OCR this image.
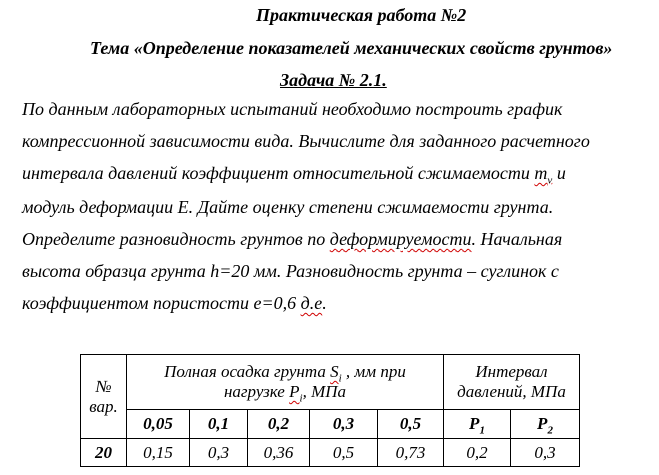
Практическая работа №2
Тема «Определение показателей механических свойств грунтов»
Задача № 2.1.
По данным лабораторных испытаний необходимо построить график
компрессионной зависимости вида. Вычислите для заданного расчетного
интервала давлений коэффициент относительной сжимаемости $m_v$ и
модуль деформации Е. Дайте оценку степени сжимаемости грунта.
Определите разновидность грунтов по деформируемости. Начальная
высота образца грунта h=20 мм. Разновидность грунта – суглинок с
коэффициентом пористости е=0,6 д.е.
№ вар.	Полная осадка грунта $S_i$ , мм при
нагрузке $P_i$, МПа					Интервал давлений, МПа	
	0,05	0,1	0,2	0,3	0,5	$P_1$	$P_2$
20	0,15	0,3	0,36	0,5	0,73	0,2	0,3
